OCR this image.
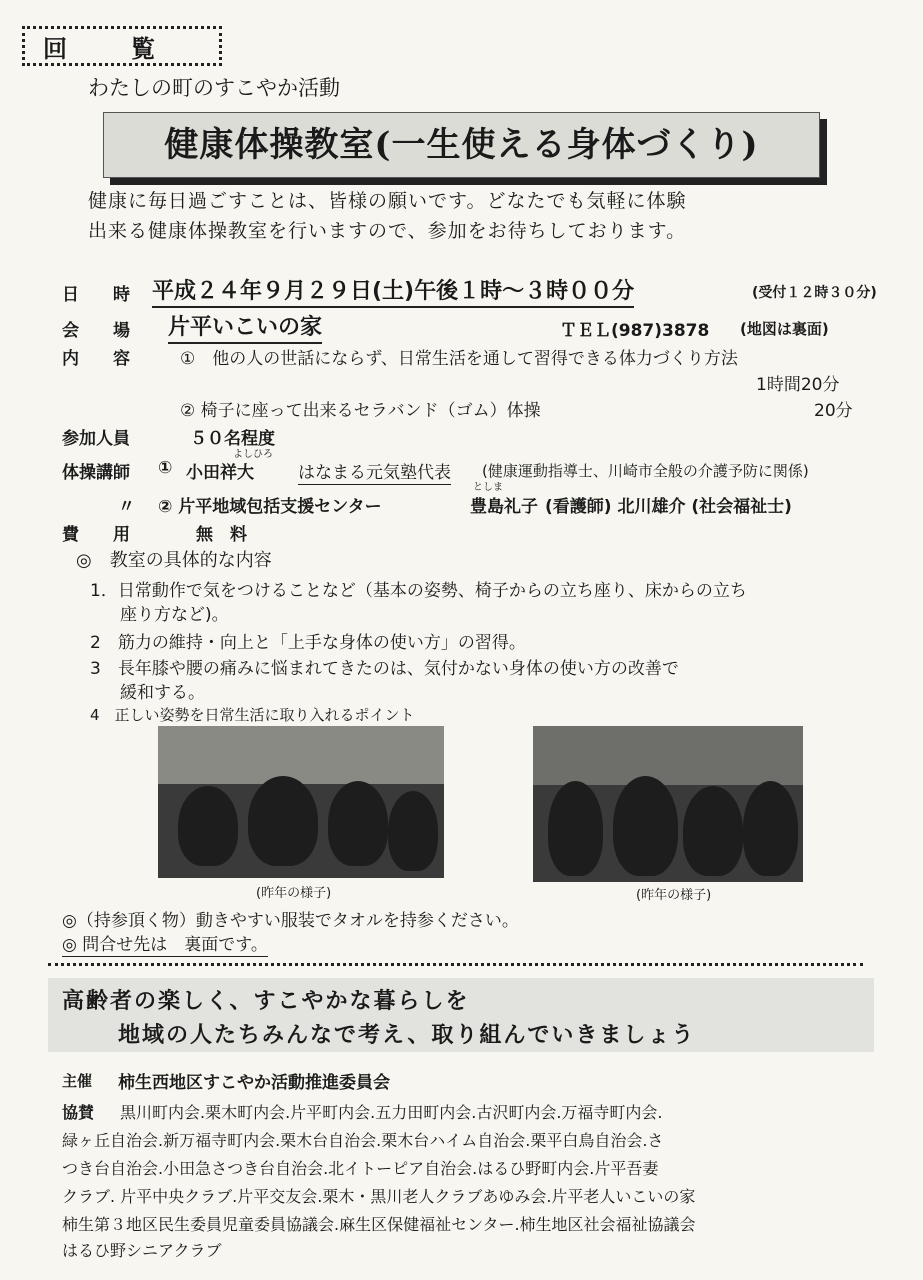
回覧
わたしの町のすこやか活動
健康体操教室(一生使える身体づくり)
健康に毎日過ごすことは、皆様の願いです。どなたでも気軽に体験
出来る健康体操教室を行いますので、参加をお待ちしております。
日　　時 平成２４年９月２９日(土)午後１時～３時００分	(受付１２時３０分)
会　　場 片平いこいの家	ＴＥＬ(987)3878 (地図は裏面)
内　　容	①　他の人の世話にならず、日常生活を通して習得できる体力づくり方法
1時間20分
② 椅子に座って出来るセラバンド（ゴム）体操	20分
参加人員	５０名程度
よしひろ
体操講師 ① 小田祥大	はなまる元気塾代表 (健康運動指導士、川崎市全般の介護予防に関係)
としま
〃 ② 片平地域包括支援センター	豊島礼子 (看護師) 北川雄介 (社会福祉士)
費　　用	無　料
◎　教室の具体的な内容
1．日常動作で気をつけることなど（基本の姿勢、椅子からの立ち座り、床からの立ち
座り方など)。
2　筋力の維持・向上と「上手な身体の使い方」の習得。
3　長年膝や腰の痛みに悩まれてきたのは、気付かない身体の使い方の改善で
緩和する。
4　正しい姿勢を日常生活に取り入れるポイント
(昨年の様子)	(昨年の様子)
◎（持参頂く物）動きやすい服装でタオルを持参ください。
◎ 問合せ先は　裏面です。
高齢者の楽しく、すこやかな暮らしを
地域の人たちみんなで考え、取り組んでいきましょう
主催 柿生西地区すこやか活動推進委員会
協賛 黒川町内会.栗木町内会.片平町内会.五力田町内会.古沢町内会.万福寺町内会.
緑ヶ丘自治会.新万福寺町内会.栗木台自治会.栗木台ハイム自治会.栗平白鳥自治会.さ
つき台自治会.小田急さつき台自治会.北イトーピア自治会.はるひ野町内会.片平吾妻
クラブ. 片平中央クラブ.片平交友会.栗木・黒川老人クラブあゆみ会.片平老人いこいの家
柿生第３地区民生委員児童委員協議会.麻生区保健福祉センター.柿生地区社会福祉協議会
はるひ野シニアクラブ
